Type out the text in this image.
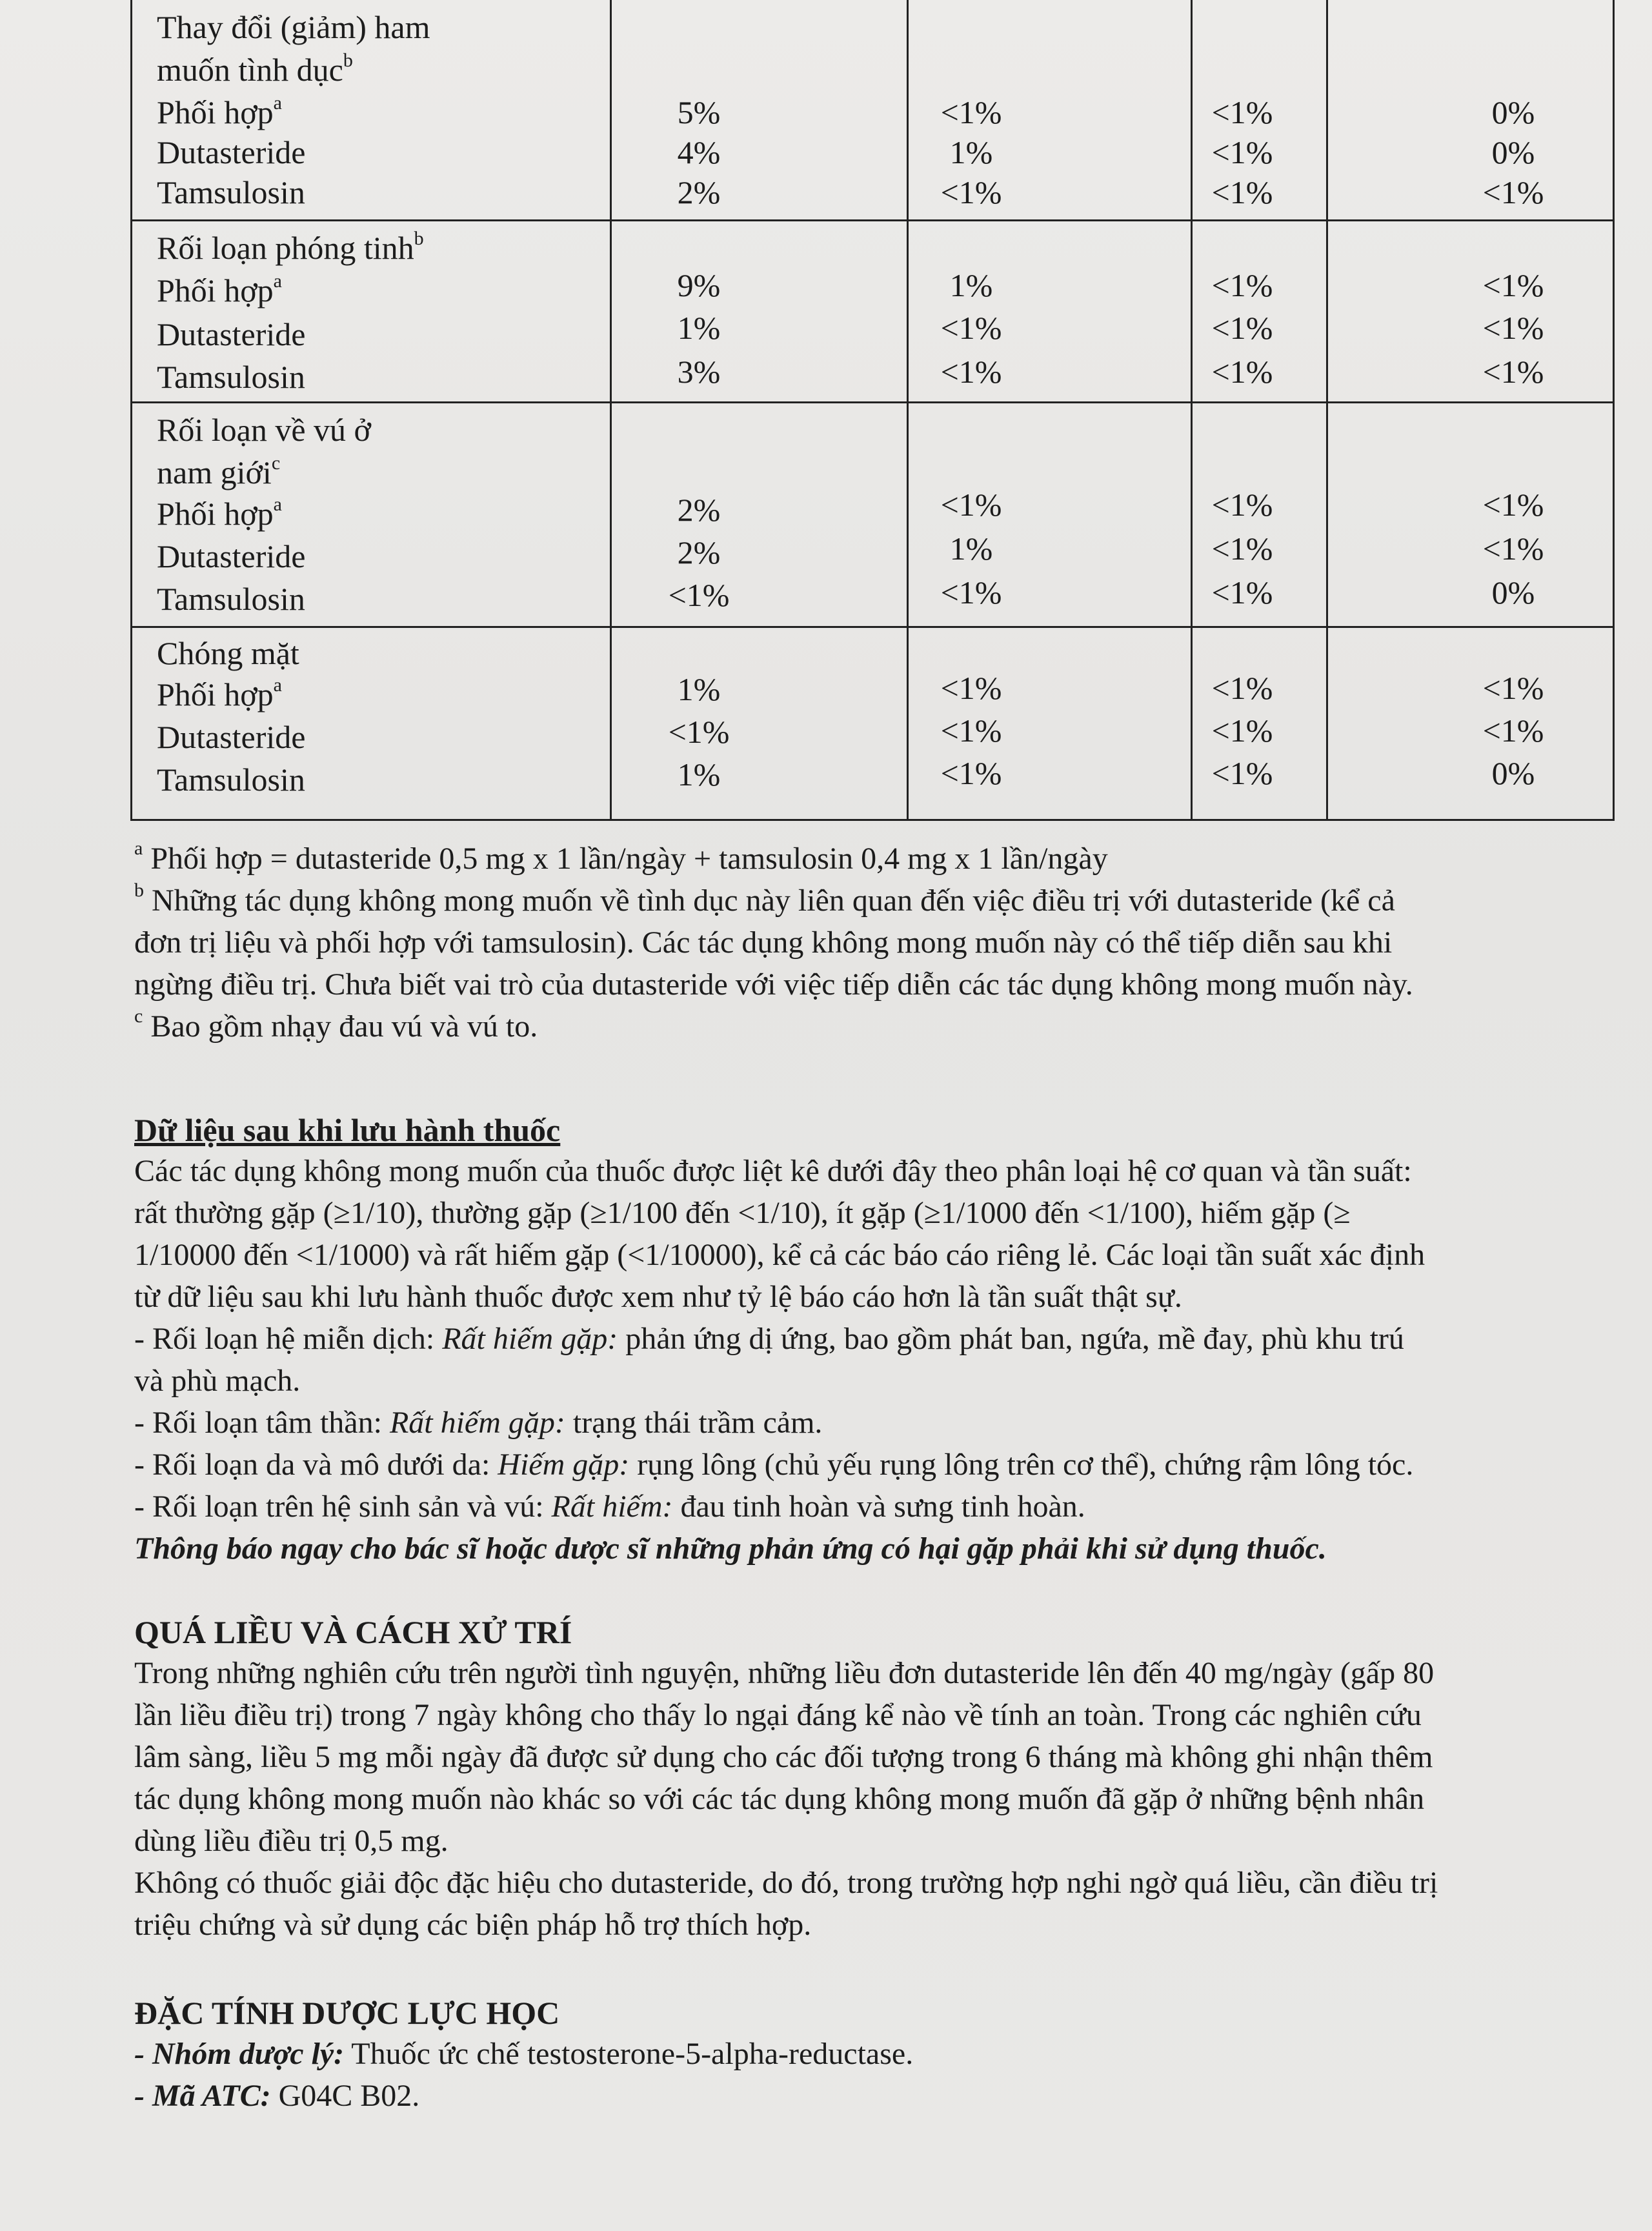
Thay đổi (giảm) ham
muốn tình dục$^b$
Phối hợp$^a$	5%	<1%	<1%	0%
Dutasteride	4%	1%	<1%	0%
Tamsulosin	2%	<1%	<1%	<1%
Rối loạn phóng tinh$^b$
Phối hợp$^a$	9%	1%	<1%	<1%
Dutasteride	1%	<1%	<1%	<1%
Tamsulosin	3%	<1%	<1%	<1%
Rối loạn về vú ở
nam giới$^c$
Phối hợp$^a$	2%	<1%	<1%	<1%
Dutasteride	2%	1%	<1%	<1%
Tamsulosin	<1%	<1%	<1%	0%
Chóng mặt
Phối hợp$^a$	1%	<1%	<1%	<1%
Dutasteride	<1%	<1%	<1%	<1%
Tamsulosin	1%	<1%	<1%	0%
$^a$ Phối hợp = dutasteride 0,5 mg x 1 lần/ngày + tamsulosin 0,4 mg x 1 lần/ngày
$^b$ Những tác dụng không mong muốn về tình dục này liên quan đến việc điều trị với dutasteride (kể cả
đơn trị liệu và phối hợp với tamsulosin). Các tác dụng không mong muốn này có thể tiếp diễn sau khi
ngừng điều trị. Chưa biết vai trò của dutasteride với việc tiếp diễn các tác dụng không mong muốn này.
$^c$ Bao gồm nhạy đau vú và vú to.
Dữ liệu sau khi lưu hành thuốc
Các tác dụng không mong muốn của thuốc được liệt kê dưới đây theo phân loại hệ cơ quan và tần suất:
rất thường gặp (≥1/10), thường gặp (≥1/100 đến <1/10), ít gặp (≥1/1000 đến <1/100), hiếm gặp (≥
1/10000 đến <1/1000) và rất hiếm gặp (<1/10000), kể cả các báo cáo riêng lẻ. Các loại tần suất xác định
từ dữ liệu sau khi lưu hành thuốc được xem như tỷ lệ báo cáo hơn là tần suất thật sự.
- Rối loạn hệ miễn dịch: Rất hiếm gặp: phản ứng dị ứng, bao gồm phát ban, ngứa, mề đay, phù khu trú
và phù mạch.
- Rối loạn tâm thần: Rất hiếm gặp: trạng thái trầm cảm.
- Rối loạn da và mô dưới da: Hiếm gặp: rụng lông (chủ yếu rụng lông trên cơ thể), chứng rậm lông tóc.
- Rối loạn trên hệ sinh sản và vú: Rất hiếm: đau tinh hoàn và sưng tinh hoàn.
Thông báo ngay cho bác sĩ hoặc dược sĩ những phản ứng có hại gặp phải khi sử dụng thuốc.
QUÁ LIỀU VÀ CÁCH XỬ TRÍ
Trong những nghiên cứu trên người tình nguyện, những liều đơn dutasteride lên đến 40 mg/ngày (gấp 80
lần liều điều trị) trong 7 ngày không cho thấy lo ngại đáng kể nào về tính an toàn. Trong các nghiên cứu
lâm sàng, liều 5 mg mỗi ngày đã được sử dụng cho các đối tượng trong 6 tháng mà không ghi nhận thêm
tác dụng không mong muốn nào khác so với các tác dụng không mong muốn đã gặp ở những bệnh nhân
dùng liều điều trị 0,5 mg.
Không có thuốc giải độc đặc hiệu cho dutasteride, do đó, trong trường hợp nghi ngờ quá liều, cần điều trị
triệu chứng và sử dụng các biện pháp hỗ trợ thích hợp.
ĐẶC TÍNH DƯỢC LỰC HỌC
- Nhóm dược lý: Thuốc ức chế testosterone-5-alpha-reductase.
- Mã ATC: G04C B02.
